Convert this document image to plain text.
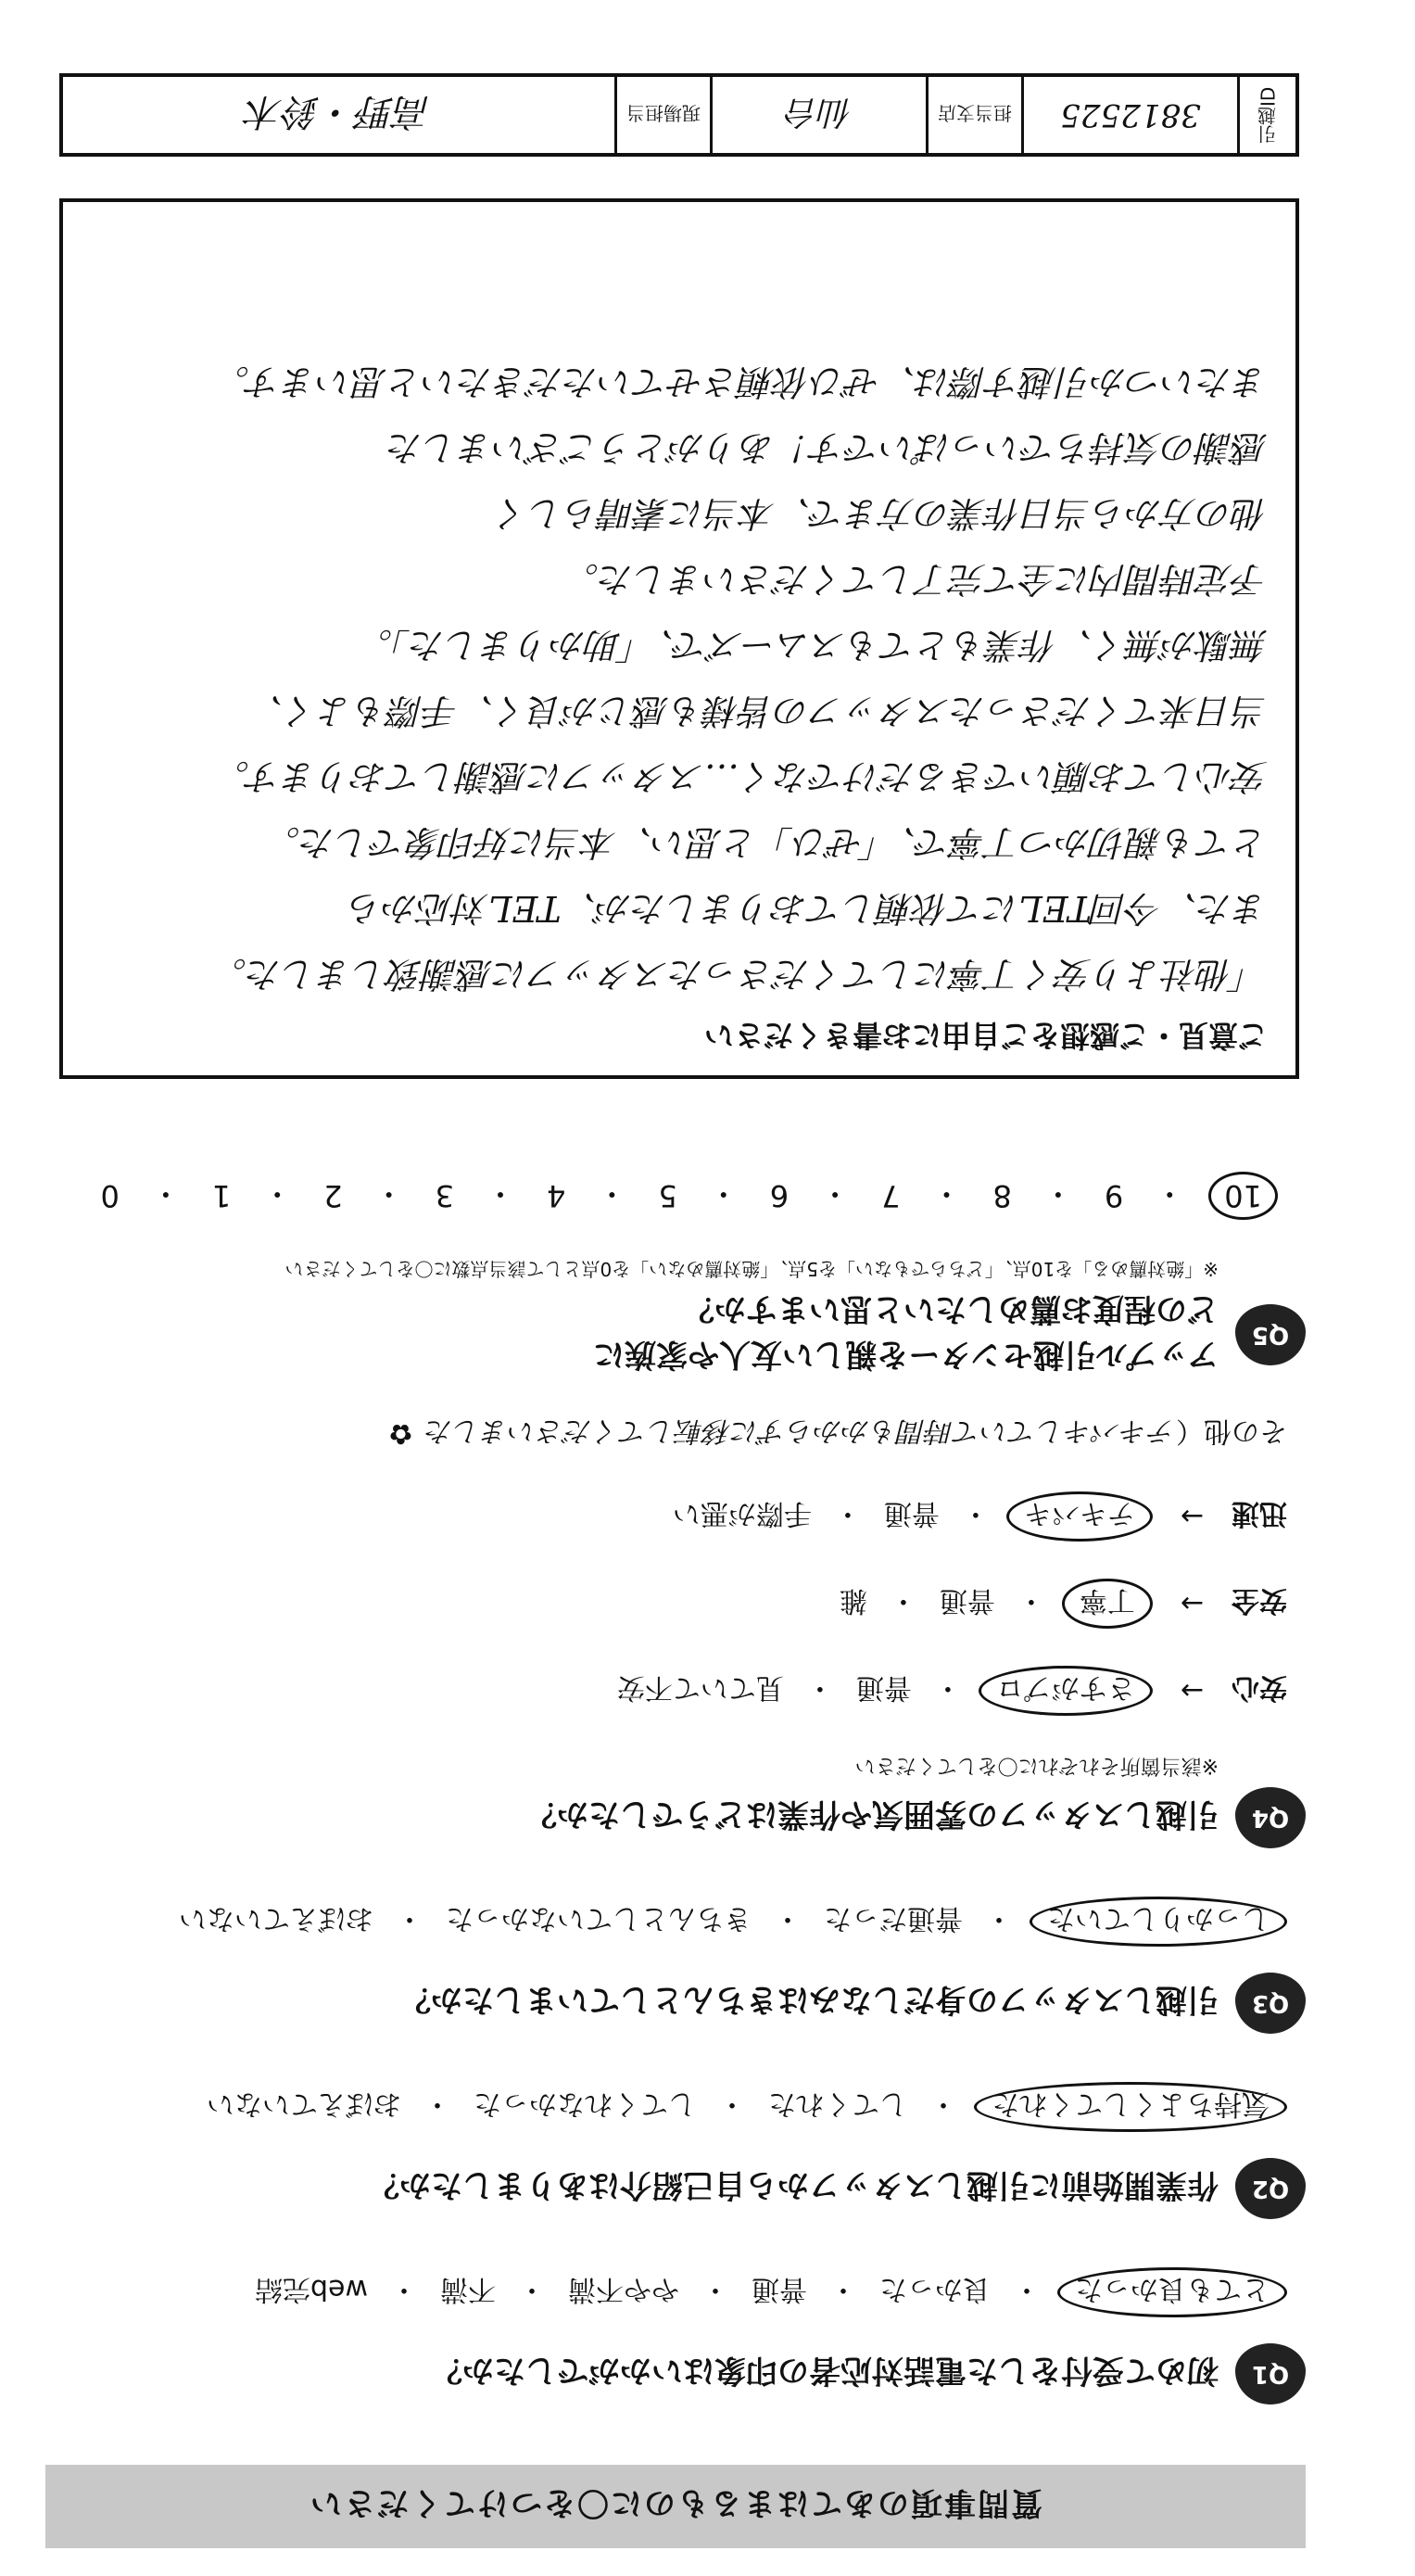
質問事項のあてはまるものに〇をつけてください
Q1
初めて受付をした電話対応者の印象はいかがでしたか？
とても良かった
・
良かった
・
普通
・
やや不満
・
不満
・
web完結
Q2
作業開始前に引越しスタッフから自己紹介はありましたか？
気持ちよくしてくれた
・
してくれた
・
してくれなかった
・
おぼえていない
Q3
引越しスタッフの身だしなみはきちんとしていましたか？
しっかりしていた
・
普通だった
・
きちんとしていなかった
・
おぼえていない
Q4
引越しスタッフの雰囲気や作業はどうでしたか？
※該当箇所それぞれに〇をしてください
安心
→
さすがプロ
・
普通
・
見ていて不安
安全
→
丁寧
・
普通
・
雑
迅速
→
テキパキ
・
普通
・
手際が悪い
その他（
テキパキしていて時間もかからずに移転してくださいました
✿
Q5
アップル引越センターを親しい友人や家族に
どの程度お薦めしたいと思いますか？
※「絶対薦める」を10点、「どちらでもない」を5点、「絶対薦めない」を0点として該当点数に〇をしてください
10
・
9
・
8
・
7
・
6
・
5
・
4
・
3
・
2
・
1
・
0
ご意見・ご感想をご自由にお書きください
「他社より安く丁寧にしてくださったスタッフに感謝致しました。
また、今回TELにて依頼しておりましたが、TEL対応から
とても親切かつ丁寧で、「ぜひ」と思い、本当に好印象でした。
安心してお願いできるだけでなく…スタッフに感謝しております。
当日来てくださったスタッフの皆様も感じが良く、手際もよく、
無駄が無く、作業もとてもスムーズで、「助かりました」。
予定時間内に全て完了してくださいました。
他の方から当日作業の方まで、本当に素晴らしく
感謝の気持ちでいっぱいです！ありがとうございました
またいつか引越す際は、ぜひ依頼させていただきたいと思います。
引越ID
3812525
担当支店
仙台
現場担当
高野・鈴木
